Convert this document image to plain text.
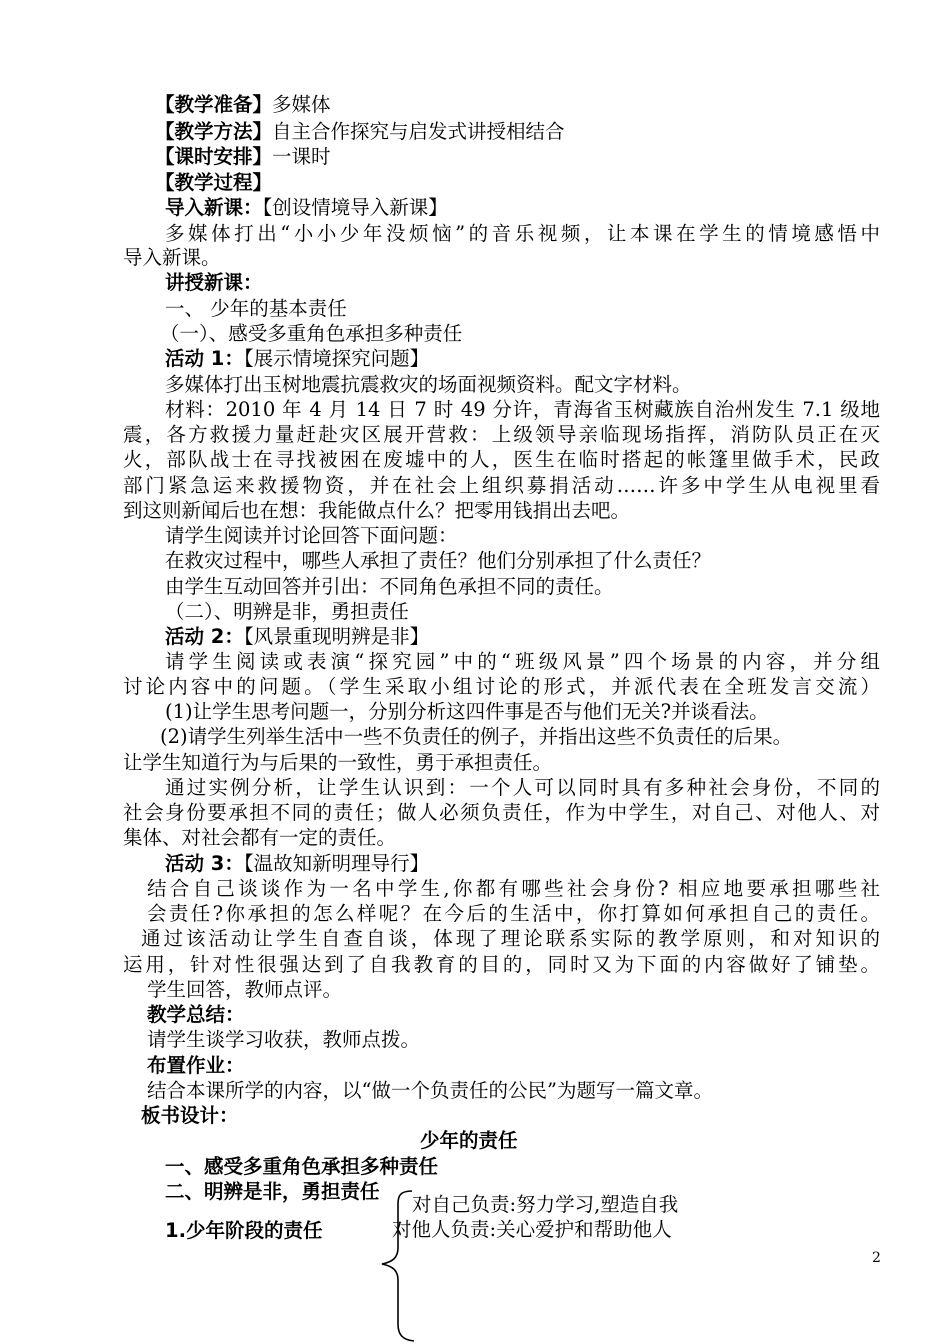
【教学准备】多媒体
【教学方法】自主合作探究与启发式讲授相结合
【课时安排】一课时
【教学过程】
导入新课：【创设情境导入新课】
多媒体打出“小小少年没烦恼”的音乐视频，让本课在学生的情境感悟中
导入新课。
讲授新课：
一、 少年的基本责任
（一）、感受多重角色承担多种责任
活动 1：【展示情境探究问题】
多媒体打出玉树地震抗震救灾的场面视频资料。配文字材料。
材料：2010 年 4 月 14 日 7 时 49 分许，青海省玉树藏族自治州发生 7.1 级地
震，各方救援力量赶赴灾区展开营救：上级领导亲临现场指挥，消防队员正在灭
火，部队战士在寻找被困在废墟中的人，医生在临时搭起的帐篷里做手术，民政
部门紧急运来救援物资，并在社会上组织募捐活动……许多中学生从电视里看
到这则新闻后也在想：我能做点什么？把零用钱捐出去吧。
请学生阅读并讨论回答下面问题：
在救灾过程中，哪些人承担了责任？他们分别承担了什么责任？
由学生互动回答并引出：不同角色承担不同的责任。
（二）、明辨是非，勇担责任
活动 2：【风景重现明辨是非】
请学生阅读或表演“探究园”中的“班级风景”四个场景的内容，并分组
讨论内容中的问题。（学生采取小组讨论的形式，并派代表在全班发言交流）
(1)让学生思考问题一，分别分析这四件事是否与他们无关?并谈看法。
(2)请学生列举生活中一些不负责任的例子，并指出这些不负责任的后果。
让学生知道行为与后果的一致性，勇于承担责任。
通过实例分析，让学生认识到：一个人可以同时具有多种社会身份，不同的
社会身份要承担不同的责任；做人必须负责任，作为中学生，对自己、对他人、对
集体、对社会都有一定的责任。
活动 3：【温故知新明理导行】
结合自己谈谈作为一名中学生,你都有哪些社会身份? 相应地要承担哪些社
会责任?你承担的怎么样呢？在今后的生活中，你打算如何承担自己的责任。
通过该活动让学生自查自谈，体现了理论联系实际的教学原则，和对知识的
运用，针对性很强达到了自我教育的目的，同时又为下面的内容做好了铺垫。
学生回答，教师点评。
教学总结：
请学生谈学习收获，教师点拨。
布置作业：
结合本课所学的内容，以“做一个负责任的公民”为题写一篇文章。
板书设计：
少年的责任
一、感受多重角色承担多种责任
二、明辨是非，勇担责任
1.少年阶段的责任
对自己负责:努力学习,塑造自我
对他人负责:关心爱护和帮助他人
2
